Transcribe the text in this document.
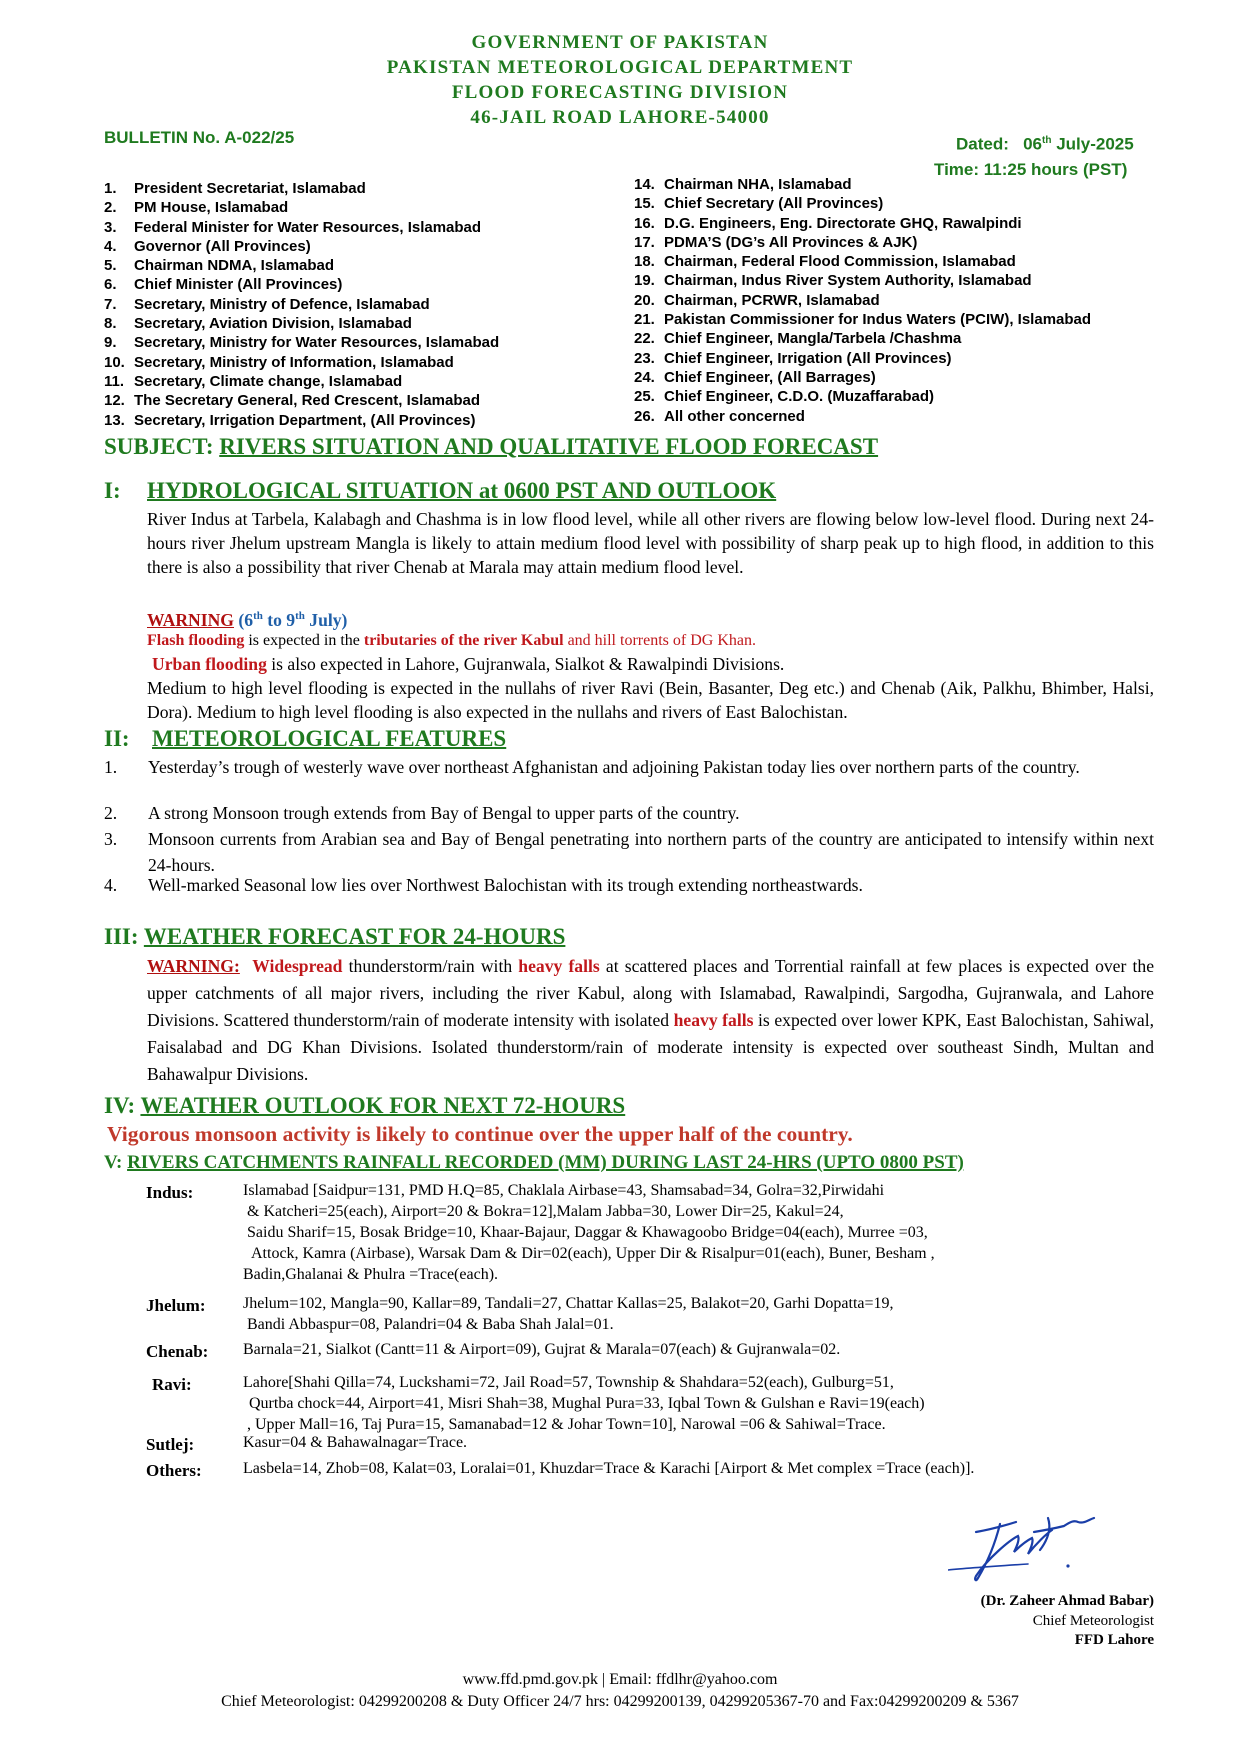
GOVERNMENT OF PAKISTAN
PAKISTAN METEOROLOGICAL DEPARTMENT
FLOOD FORECASTING DIVISION
46-JAIL ROAD LAHORE-54000
BULLETIN No. A-022/25	Dated: 06th July-2025
Time: 11:25 hours (PST)
1. President Secretariat, Islamabad
2. PM House, Islamabad
3. Federal Minister for Water Resources, Islamabad
4. Governor (All Provinces)
5. Chairman NDMA, Islamabad
6. Chief Minister (All Provinces)
7. Secretary, Ministry of Defence, Islamabad
8. Secretary, Aviation Division, Islamabad
9. Secretary, Ministry for Water Resources, Islamabad
10. Secretary, Ministry of Information, Islamabad
11. Secretary, Climate change, Islamabad
12. The Secretary General, Red Crescent, Islamabad
13. Secretary, Irrigation Department, (All Provinces)
14. Chairman NHA, Islamabad
15. Chief Secretary (All Provinces)
16. D.G. Engineers, Eng. Directorate GHQ, Rawalpindi
17. PDMA’S (DG’s All Provinces & AJK)
18. Chairman, Federal Flood Commission, Islamabad
19. Chairman, Indus River System Authority, Islamabad
20. Chairman, PCRWR, Islamabad
21. Pakistan Commissioner for Indus Waters (PCIW), Islamabad
22. Chief Engineer, Mangla/Tarbela /Chashma
23. Chief Engineer, Irrigation (All Provinces)
24. Chief Engineer, (All Barrages)
25. Chief Engineer, C.D.O. (Muzaffarabad)
26. All other concerned
SUBJECT: RIVERS SITUATION AND QUALITATIVE FLOOD FORECAST
I: HYDROLOGICAL SITUATION at 0600 PST AND OUTLOOK
River Indus at Tarbela, Kalabagh and Chashma is in low flood level, while all other rivers are flowing below low-level flood. During next 24-hours river Jhelum upstream Mangla is likely to attain medium flood level with possibility of sharp peak up to high flood, in addition to this there is also a possibility that river Chenab at Marala may attain medium flood level.
WARNING (6th to 9th July)
Flash flooding is expected in the tributaries of the river Kabul and hill torrents of DG Khan.
Urban flooding is also expected in Lahore, Gujranwala, Sialkot & Rawalpindi Divisions.
Medium to high level flooding is expected in the nullahs of river Ravi (Bein, Basanter, Deg etc.) and Chenab (Aik, Palkhu, Bhimber, Halsi, Dora). Medium to high level flooding is also expected in the nullahs and rivers of East Balochistan.
II: METEOROLOGICAL FEATURES
1. Yesterday’s trough of westerly wave over northeast Afghanistan and adjoining Pakistan today lies over northern parts of the country.
2. A strong Monsoon trough extends from Bay of Bengal to upper parts of the country.
3. Monsoon currents from Arabian sea and Bay of Bengal penetrating into northern parts of the country are anticipated to intensify within next 24-hours.
4. Well-marked Seasonal low lies over Northwest Balochistan with its trough extending northeastwards.
III: WEATHER FORECAST FOR 24-HOURS
WARNING: Widespread thunderstorm/rain with heavy falls at scattered places and Torrential rainfall at few places is expected over the upper catchments of all major rivers, including the river Kabul, along with Islamabad, Rawalpindi, Sargodha, Gujranwala, and Lahore Divisions. Scattered thunderstorm/rain of moderate intensity with isolated heavy falls is expected over lower KPK, East Balochistan, Sahiwal, Faisalabad and DG Khan Divisions. Isolated thunderstorm/rain of moderate intensity is expected over southeast Sindh, Multan and Bahawalpur Divisions.
IV: WEATHER OUTLOOK FOR NEXT 72-HOURS
Vigorous monsoon activity is likely to continue over the upper half of the country.
V: RIVERS CATCHMENTS RAINFALL RECORDED (MM) DURING LAST 24-HRS (UPTO 0800 PST)
Indus:	Islamabad [Saidpur=131, PMD H.Q=85, Chaklala Airbase=43, Shamsabad=34, Golra=32,Pirwidahi
& Katcheri=25(each), Airport=20 & Bokra=12],Malam Jabba=30, Lower Dir=25, Kakul=24,
Saidu Sharif=15, Bosak Bridge=10, Khaar-Bajaur, Daggar & Khawagoobo Bridge=04(each), Murree =03,
Attock, Kamra (Airbase), Warsak Dam & Dir=02(each), Upper Dir & Risalpur=01(each), Buner, Besham ,
Badin,Ghalanai & Phulra =Trace(each).
Jhelum: Jhelum=102, Mangla=90, Kallar=89, Tandali=27, Chattar Kallas=25, Balakot=20, Garhi Dopatta=19,
Bandi Abbaspur=08, Palandri=04 & Baba Shah Jalal=01.
Chenab: Barnala=21, Sialkot (Cantt=11 & Airport=09), Gujrat & Marala=07(each) & Gujranwala=02.
Ravi:	Lahore[Shahi Qilla=74, Luckshami=72, Jail Road=57, Township & Shahdara=52(each), Gulburg=51,
Qurtba chock=44, Airport=41, Misri Shah=38, Mughal Pura=33, Iqbal Town & Gulshan e Ravi=19(each)
, Upper Mall=16, Taj Pura=15, Samanabad=12 & Johar Town=10], Narowal =06 & Sahiwal=Trace.
Sutlej:	Kasur=04 & Bahawalnagar=Trace.
Others:	Lasbela=14, Zhob=08, Kalat=03, Loralai=01, Khuzdar=Trace & Karachi [Airport & Met complex =Trace (each)].
(Dr. Zaheer Ahmad Babar)
Chief Meteorologist
FFD Lahore
www.ffd.pmd.gov.pk | Email: ffdlhr@yahoo.com
Chief Meteorologist: 04299200208 & Duty Officer 24/7 hrs: 04299200139, 04299205367-70 and Fax:04299200209 & 5367
